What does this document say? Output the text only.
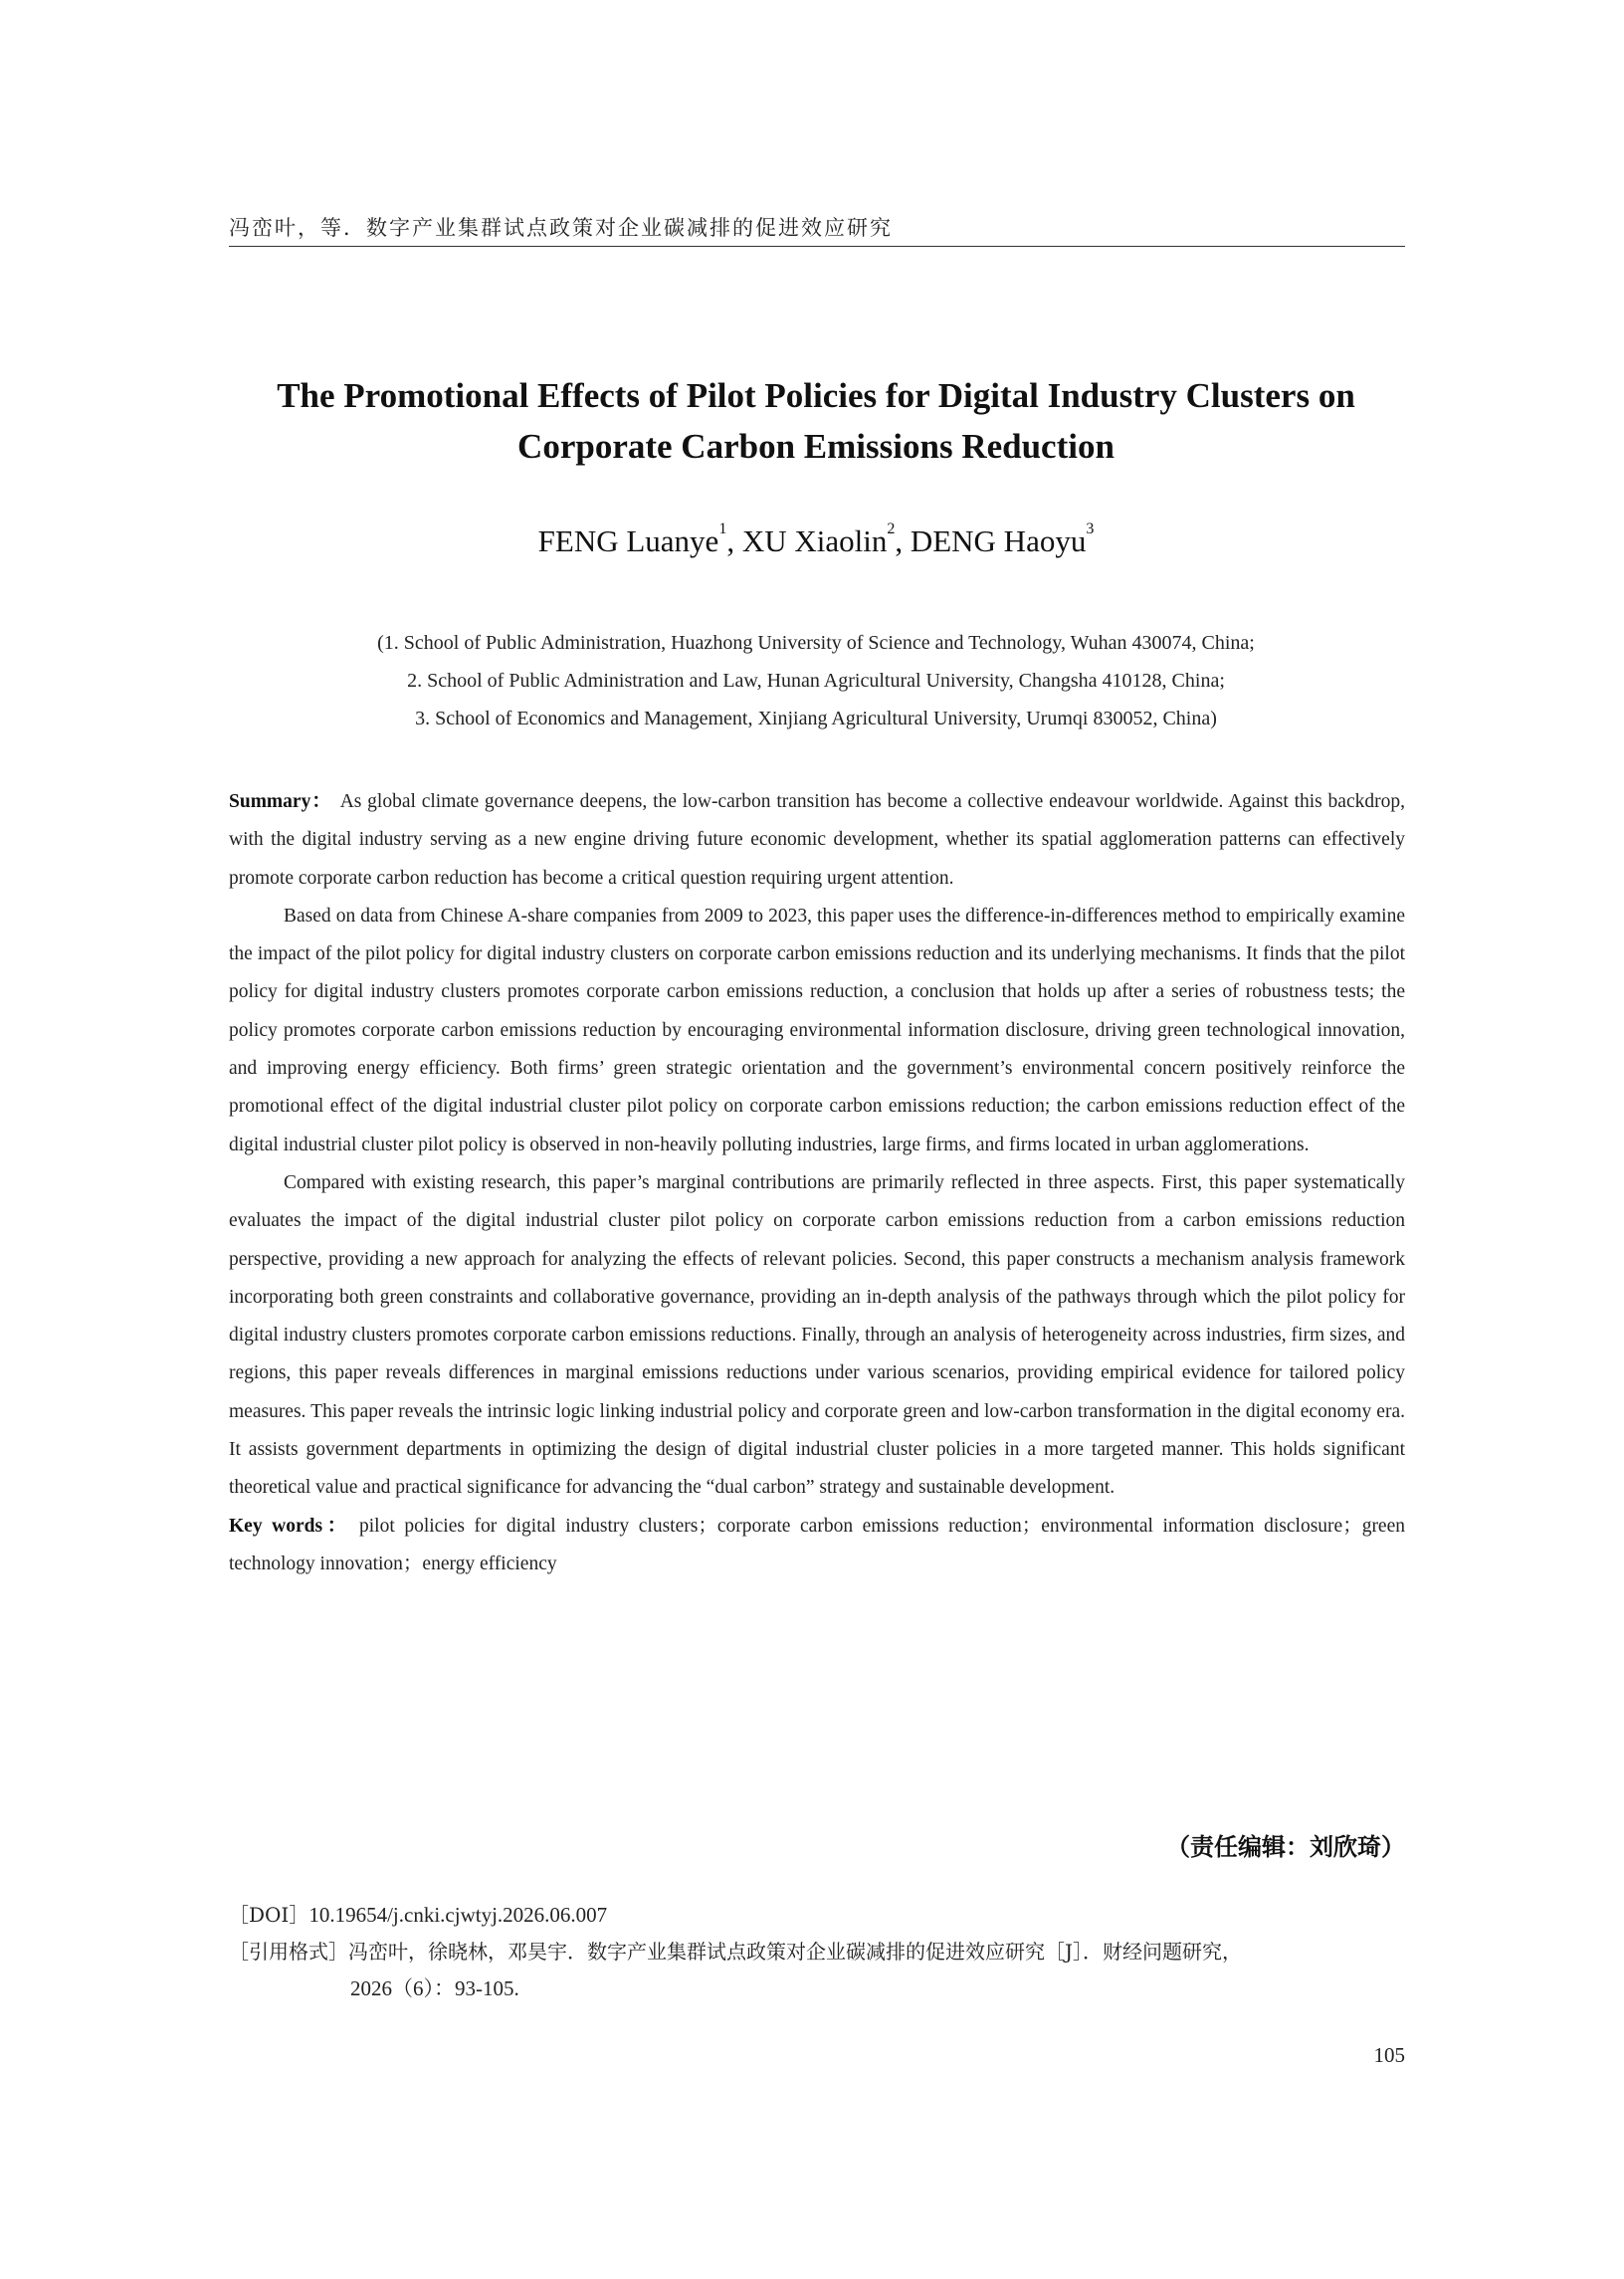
冯峦叶，等．数字产业集群试点政策对企业碳减排的促进效应研究
The Promotional Effects of Pilot Policies for Digital Industry Clusters on
Corporate Carbon Emissions Reduction
FENG Luanye$^1$, XU Xiaolin$^2$, DENG Haoyu$^3$
(1. School of Public Administration, Huazhong University of Science and Technology, Wuhan 430074, China;
2. School of Public Administration and Law, Hunan Agricultural University, Changsha 410128, China;
3. School of Economics and Management, Xinjiang Agricultural University, Urumqi 830052, China)

Summary： As global climate governance deepens, the low-carbon transition has become a collective endeavour worldwide. Against this backdrop, with the digital industry serving as a new engine driving future economic development, whether its spatial agglomeration patterns can effectively promote corporate carbon reduction has become a critical question requiring urgent attention.

Based on data from Chinese A-share companies from 2009 to 2023, this paper uses the difference-in-differences method to empirically examine the impact of the pilot policy for digital industry clusters on corporate carbon emissions reduction and its underlying mechanisms. It finds that the pilot policy for digital industry clusters promotes corporate carbon emissions reduction, a conclusion that holds up after a series of robustness tests; the policy promotes corporate carbon emissions reduction by encouraging environmental information disclosure, driving green technological innovation, and improving energy efficiency. Both firms’ green strategic orientation and the government’s environmental concern positively reinforce the promotional effect of the digital industrial cluster pilot policy on corporate carbon emissions reduction; the carbon emissions reduction effect of the digital industrial cluster pilot policy is observed in non-heavily polluting industries, large firms, and firms located in urban agglomerations.

Compared with existing research, this paper’s marginal contributions are primarily reflected in three aspects. First, this paper systematically evaluates the impact of the digital industrial cluster pilot policy on corporate carbon emissions reduction from a carbon emissions reduction perspective, providing a new approach for analyzing the effects of relevant policies. Second, this paper constructs a mechanism analysis framework incorporating both green constraints and collaborative governance, providing an in-depth analysis of the pathways through which the pilot policy for digital industry clusters promotes corporate carbon emissions reductions. Finally, through an analysis of heterogeneity across industries, firm sizes, and regions, this paper reveals differences in marginal emissions reductions under various scenarios, providing empirical evidence for tailored policy measures. This paper reveals the intrinsic logic linking industrial policy and corporate green and low-carbon transformation in the digital economy era. It assists government departments in optimizing the design of digital industrial cluster policies in a more targeted manner. This holds significant theoretical value and practical significance for advancing the “dual carbon” strategy and sustainable development.

Key words： pilot policies for digital industry clusters；corporate carbon emissions reduction；environmental information disclosure；green technology innovation；energy efficiency

（责任编辑：刘欣琦）
［DOI］10.19654/j.cnki.cjwtyj.2026.06.007
［引用格式］冯峦叶，徐晓林，邓昊宇．数字产业集群试点政策对企业碳减排的促进效应研究［J］．财经问题研究，
2026（6）：93-105.
105
